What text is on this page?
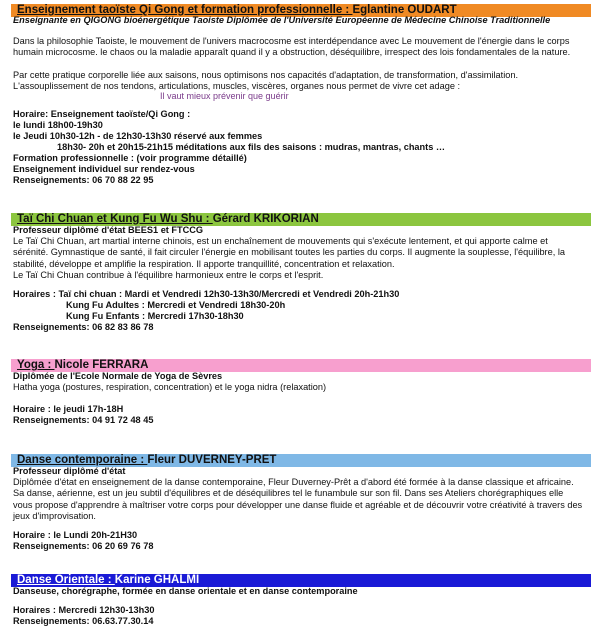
Enseignement taoïste Qi Gong et formation professionnelle : Eglantine OUDART
Enseignante en QIGONG bioénergétique Taoiste Diplômée de l'Université Européenne de Médecine Chinoise Traditionnelle
Dans la philosophie Taoiste, le mouvement de l'univers macrocosme est interdépendance avec Le mouvement de l'énergie dans le corps humain microcosme. le chaos ou la maladie apparaît quand il y a obstruction, déséquilibre, irrespect des lois fondamentales de la nature.
Par cette pratique corporelle liée aux saisons, nous optimisons nos capacités d'adaptation, de transformation, d'assimilation.
L'assouplissement de nos tendons, articulations, muscles, viscères, organes nous permet de vivre cet adage :
Il vaut mieux prévenir que guérir
Horaire: Enseignement taoïste/Qi Gong :
le lundi 18h00-19h30
le Jeudi 10h30-12h - de 12h30-13h30 réservé aux femmes
18h30- 20h et 20h15-21h15 méditations aux fils des saisons : mudras, mantras, chants …
Formation professionnelle : (voir programme détaillé)
Enseignement individuel sur rendez-vous
Renseignements: 06 70 88 22 95
Taï Chi Chuan et Kung Fu Wu Shu : Gérard KRIKORIAN
Professeur diplômé d'état BEES1 et FTCCG
Le Taï Chi Chuan, art martial interne chinois, est un enchaînement de mouvements qui s'exécute lentement, et qui apporte calme et sérénité. Gymnastique de santé, il fait circuler l'énergie en mobilisant toutes les parties du corps. Il augmente la souplesse, l'équilibre, la stabilité, développe et amplifie la respiration. Il apporte tranquillité, concentration et relaxation.
Le Taï Chi Chuan contribue à l'équilibre harmonieux entre le corps et l'esprit.
Horaires : Taï chi chuan : Mardi et Vendredi 12h30-13h30/Mercredi et Vendredi 20h-21h30
Kung Fu Adultes : Mercredi et Vendredi 18h30-20h
Kung Fu Enfants : Mercredi 17h30-18h30
Renseignements: 06 82 83 86 78
Yoga : Nicole FERRARA
Diplômée de l'Ecole Normale de Yoga de Sèvres
Hatha yoga (postures, respiration, concentration) et le yoga nidra (relaxation)
Horaire : le jeudi 17h-18H
Renseignements: 04 91 72 48 45
Danse contemporaine : Fleur DUVERNEY-PRET
Professeur diplômé d'état
Diplômée d'état en enseignement de la danse contemporaine, Fleur Duverney-Prêt a d'abord été formée à la danse classique et africaine. Sa danse, aérienne, est un jeu subtil d'équilibres et de déséquilibres tel le funambule sur son fil. Dans ses Ateliers chorégraphiques elle vous propose d'apprendre à maîtriser votre corps pour développer une danse fluide et agréable et de découvrir votre créativité à travers des jeux d'improvisation.
Horaire : le Lundi 20h-21H30
Renseignements: 06 20 69 76 78
Danse Orientale : Karine GHALMI
Danseuse, chorégraphe, formée en danse orientale et en danse contemporaine
Horaires : Mercredi 12h30-13h30
Renseignements: 06.63.77.30.14
